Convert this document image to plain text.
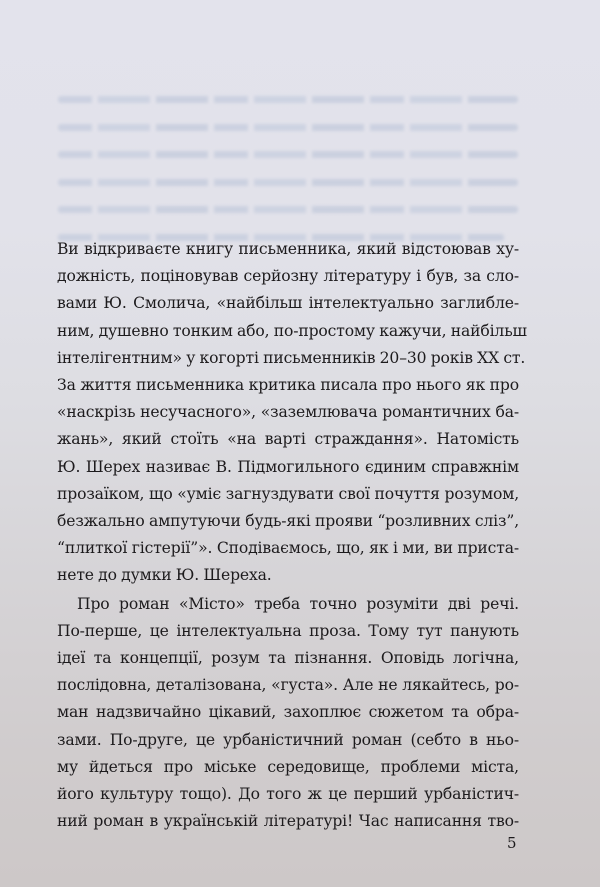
Ви відкриваєте книгу письменника, який відстоював ху-
дожність, поціновував серйозну літературу і був, за сло-
вами Ю. Смолича, «найбільш інтелектуально заглибле-
ним, душевно тонким або, по-простому кажучи, найбільш
інтелігентним» у когорті письменників 20–30 років XX ст.
За життя письменника критика писала про нього як про
«наскрізь несучасного», «заземлювача романтичних ба-
жань», який стоїть «на варті страждання». Натомість
Ю. Шерех називає В. Підмогильного єдиним справжнім
прозаїком, що «уміє загнуздувати свої почуття розумом,
безжально ампутуючи будь-які прояви “розливних сліз”,
“плиткої гістерії”». Сподіваємось, що, як і ми, ви приста-
нете до думки Ю. Шереха.

Про роман «Місто» треба точно розуміти дві речі.
По-перше, це інтелектуальна проза. Тому тут панують
ідеї та концепції, розум та пізнання. Оповідь логічна,
послідовна, деталізована, «густа». Але не лякайтесь, ро-
ман надзвичайно цікавий, захоплює сюжетом та обра-
зами. По-друге, це урбаністичний роман (себто в ньо-
му йдеться про міське середовище, проблеми міста,
його культуру тощо). До того ж це перший урбаністич-
ний роман в українській літературі! Час написання тво-

5
